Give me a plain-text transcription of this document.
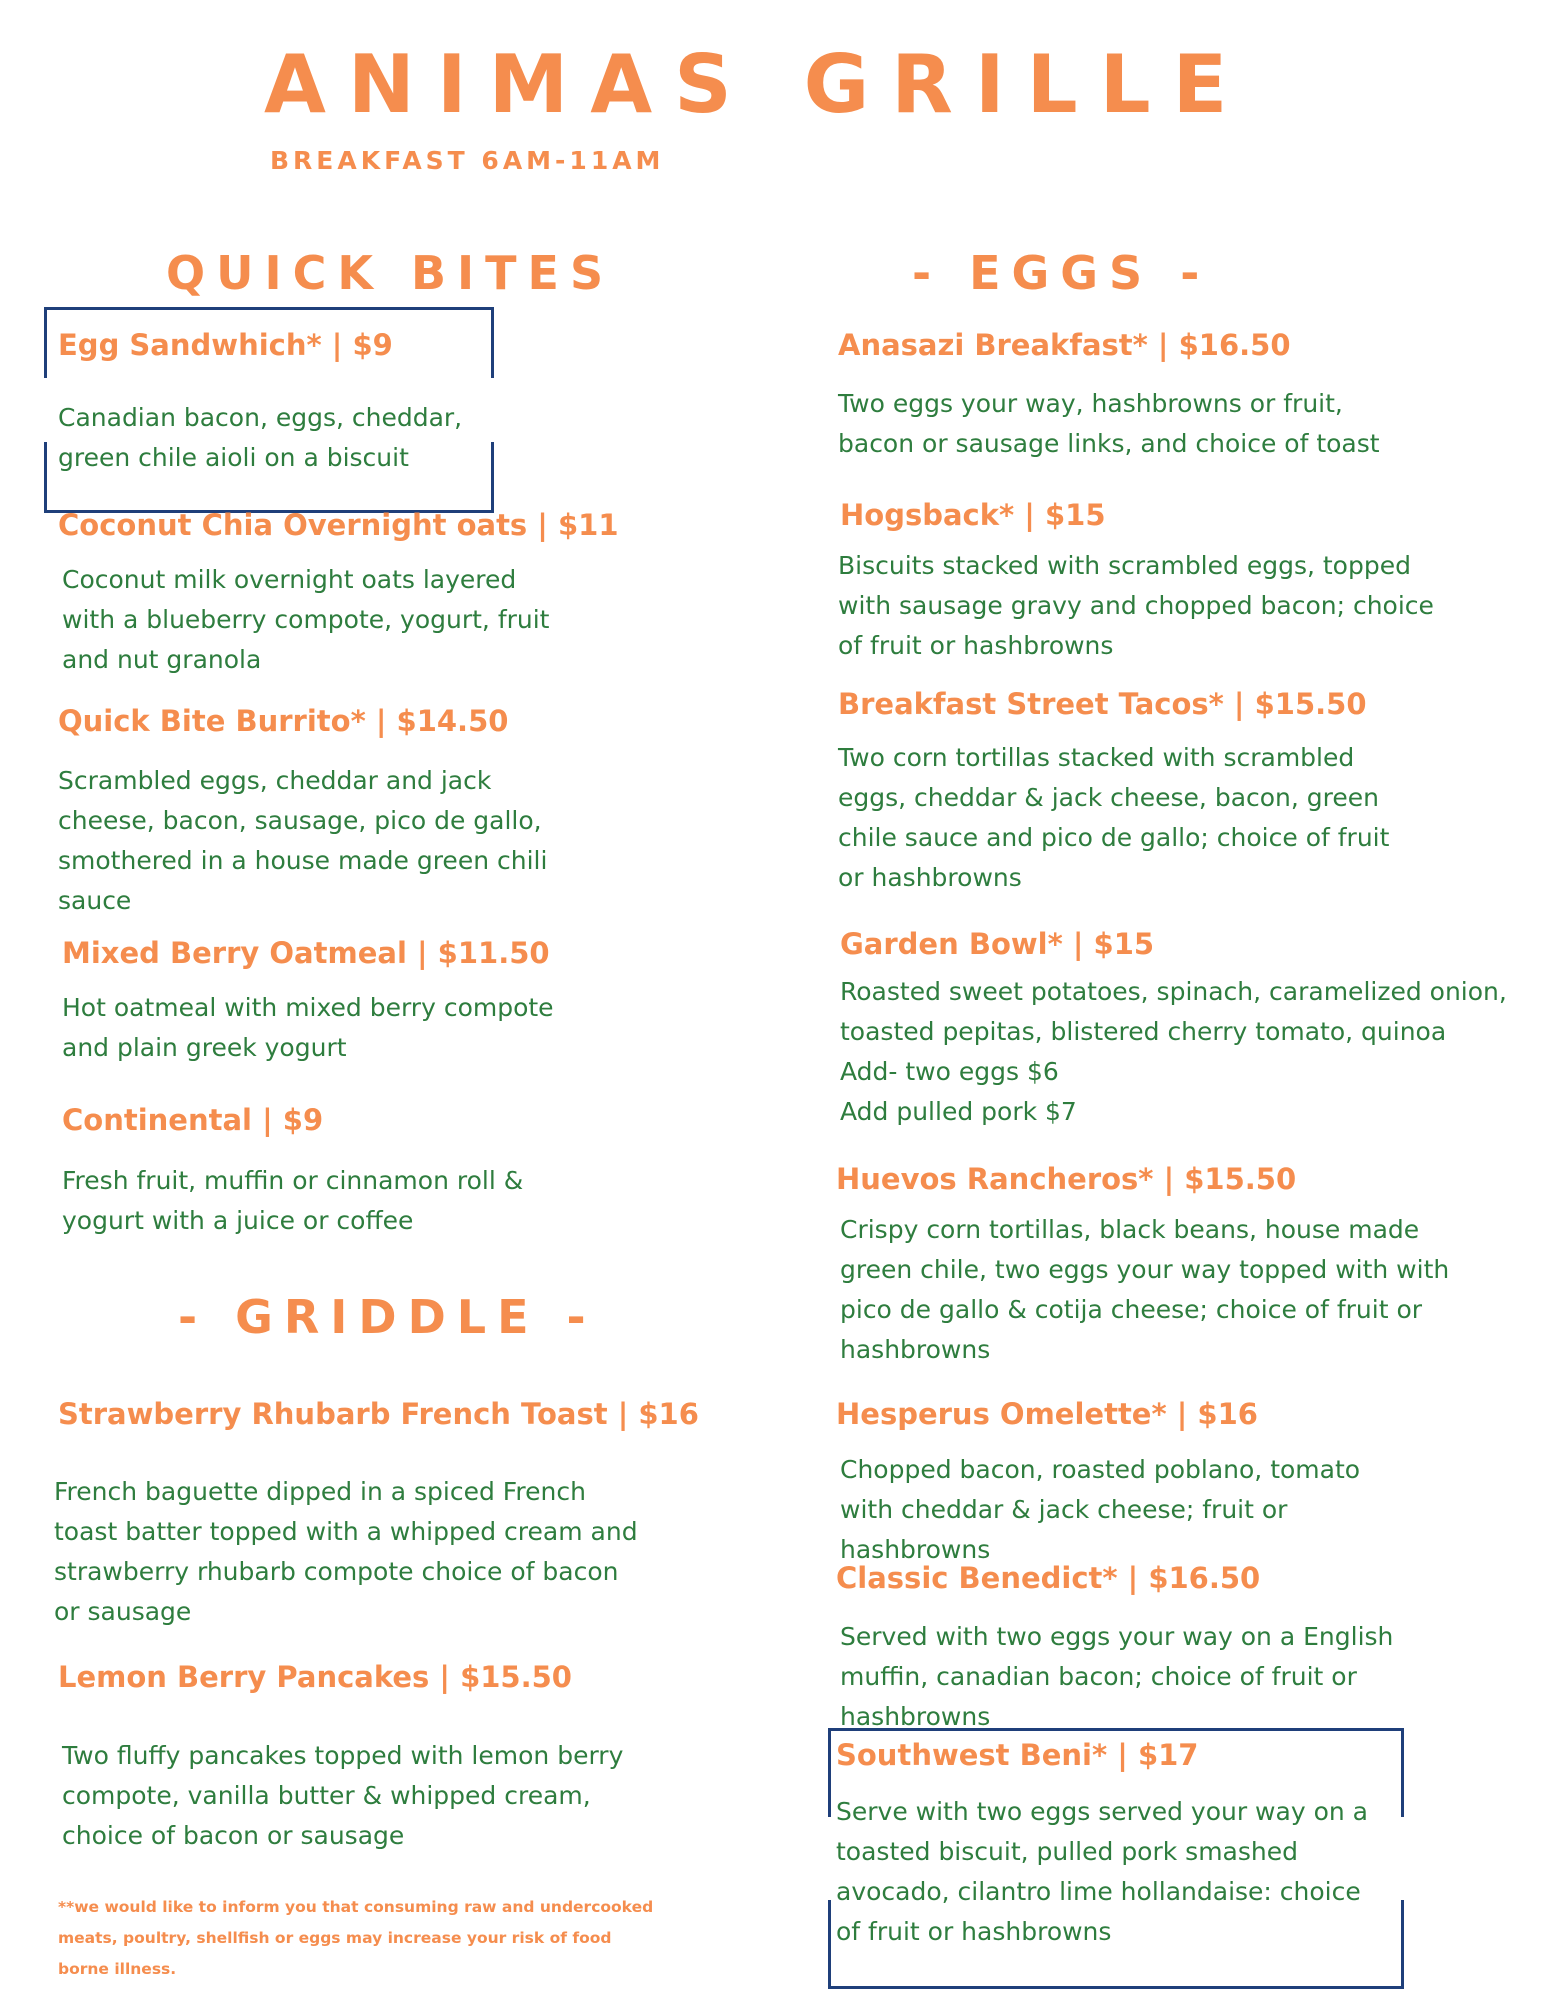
ANIMAS GRILLE
BREAKFAST 6AM-11AM
QUICK BITES	- EGGS -
- GRIDDLE -
Egg Sandwhich* | $9
Canadian bacon, eggs, cheddar,
green chile aioli on a biscuit
Coconut Chia Overnight oats | $11
Coconut milk overnight oats layered
with a blueberry compote, yogurt, fruit
and nut granola
Quick Bite Burrito* | $14.50
Scrambled eggs, cheddar and jack
cheese, bacon, sausage, pico de gallo,
smothered in a house made green chili
sauce
Mixed Berry Oatmeal | $11.50
Hot oatmeal with mixed berry compote
and plain greek yogurt
Continental | $9
Fresh fruit, muffin or cinnamon roll &
yogurt with a juice or coffee
Strawberry Rhubarb French Toast | $16
French baguette dipped in a spiced French
toast batter topped with a whipped cream and
strawberry rhubarb compote choice of bacon
or sausage
Lemon Berry Pancakes | $15.50
Two fluffy pancakes topped with lemon berry
compote, vanilla butter & whipped cream,
choice of bacon or sausage
Anasazi Breakfast* | $16.50
Two eggs your way, hashbrowns or fruit,
bacon or sausage links, and choice of toast
Hogsback* | $15
Biscuits stacked with scrambled eggs, topped
with sausage gravy and chopped bacon; choice
of fruit or hashbrowns
Breakfast Street Tacos* | $15.50
Two corn tortillas stacked with scrambled
eggs, cheddar & jack cheese, bacon, green
chile sauce and pico de gallo; choice of fruit
or hashbrowns
Garden Bowl* | $15
Roasted sweet potatoes, spinach, caramelized onion,
toasted pepitas, blistered cherry tomato, quinoa
Add- two eggs $6
Add pulled pork $7
Huevos Rancheros* | $15.50
Crispy corn tortillas, black beans, house made
green chile, two eggs your way topped with with
pico de gallo & cotija cheese; choice of fruit or
hashbrowns
Hesperus Omelette* | $16
Chopped bacon, roasted poblano, tomato
with cheddar & jack cheese; fruit or
hashbrowns
Classic Benedict* | $16.50
Served with two eggs your way on a English
muffin, canadian bacon; choice of fruit or
hashbrowns
Southwest Beni* | $17
Serve with two eggs served your way on a
toasted biscuit, pulled pork smashed
avocado, cilantro lime hollandaise: choice
of fruit or hashbrowns
**we would like to inform you that consuming raw and undercooked
meats, poultry, shellfish or eggs may increase your risk of food
borne illness.
